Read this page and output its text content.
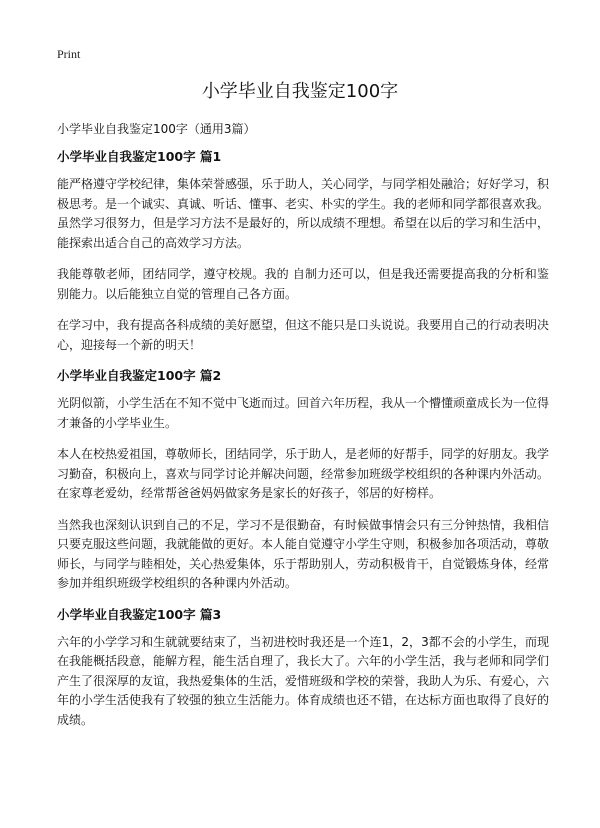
Print
小学毕业自我鉴定100字

小学毕业自我鉴定100字（通用3篇）

小学毕业自我鉴定100字 篇1

能严格遵守学校纪律，集体荣誉感强，乐于助人，关心同学，与同学相处融洽；好好学习，积极思考。是一个诚实、真诚、听话、懂事、老实、朴实的学生。我的老师和同学都很喜欢我。虽然学习很努力，但是学习方法不是最好的，所以成绩不理想。希望在以后的学习和生活中，能探索出适合自己的高效学习方法。

我能尊敬老师，团结同学，遵守校规。我的 自制力还可以，但是我还需要提高我的分析和鉴别能力。以后能独立自觉的管理自己各方面。

在学习中，我有提高各科成绩的美好愿望，但这不能只是口头说说。我要用自己的行动表明决心，迎接每一个新的明天！

小学毕业自我鉴定100字 篇2

光阴似箭，小学生活在不知不觉中飞逝而过。回首六年历程，我从一个懵懂顽童成长为一位得才兼备的小学毕业生。

本人在校热爱祖国，尊敬师长，团结同学，乐于助人，是老师的好帮手，同学的好朋友。我学习勤奋，积极向上，喜欢与同学讨论并解决问题，经常参加班级学校组织的各种课内外活动。在家尊老爱幼，经常帮爸爸妈妈做家务是家长的好孩子，邻居的好榜样。

当然我也深刻认识到自己的不足，学习不是很勤奋，有时候做事情会只有三分钟热情，我相信只要克服这些问题，我就能做的更好。本人能自觉遵守小学生守则，积极参加各项活动，尊敬师长，与同学与睦相处，关心热爱集体，乐于帮助别人，劳动积极肯干，自觉锻炼身体，经常参加并组织班级学校组织的各种课内外活动。

小学毕业自我鉴定100字 篇3

六年的小学学习和生就就要结束了，当初进校时我还是一个连1，2，3都不会的小学生，而现在我能概括段意，能解方程，能生活自理了，我长大了。六年的小学生活，我与老师和同学们产生了很深厚的友谊，我热爱集体的生活，爱惜班级和学校的荣誉，我助人为乐、有爱心，六年的小学生活使我有了较强的独立生活能力。体育成绩也还不错，在达标方面也取得了良好的成绩。
